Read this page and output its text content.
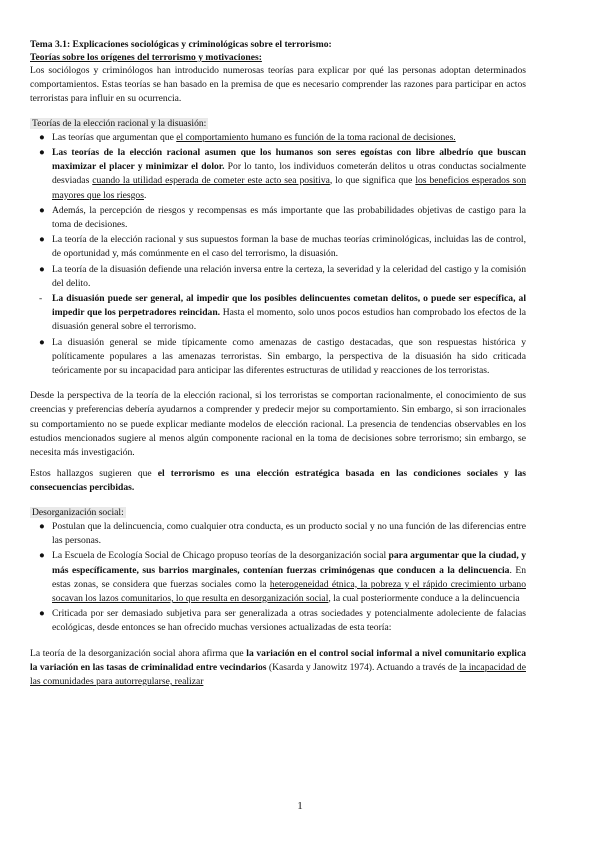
Tema 3.1: Explicaciones sociológicas y criminológicas sobre el terrorismo:

Teorías sobre los orígenes del terrorismo y motivaciones:

Los sociólogos y criminólogos han introducido numerosas teorías para explicar por qué las personas adoptan determinados comportamientos. Estas teorías se han basado en la premisa de que es necesario comprender las razones para participar en actos terroristas para influir en su ocurrencia.

Teorías de la elección racional y la disuasión:

● Las teorías que argumentan que el comportamiento humano es función de la toma racional de decisiones.
● Las teorías de la elección racional asumen que los humanos son seres egoístas con libre albedrío que buscan maximizar el placer y minimizar el dolor. Por lo tanto, los individuos cometerán delitos u otras conductas socialmente desviadas cuando la utilidad esperada de cometer este acto sea positiva, lo que significa que los beneficios esperados son mayores que los riesgos.
● Además, la percepción de riesgos y recompensas es más importante que las probabilidades objetivas de castigo para la toma de decisiones.
● La teoría de la elección racional y sus supuestos forman la base de muchas teorías criminológicas, incluidas las de control, de oportunidad y, más comúnmente en el caso del terrorismo, la disuasión.
● La teoría de la disuasión defiende una relación inversa entre la certeza, la severidad y la celeridad del castigo y la comisión del delito.
-	La disuasión puede ser general, al impedir que los posibles delincuentes cometan delitos, o puede ser específica, al impedir que los perpetradores reincidan. Hasta el momento, solo unos pocos estudios han comprobado los efectos de la disuasión general sobre el terrorismo.
● La disuasión general se mide típicamente como amenazas de castigo destacadas, que son respuestas histórica y políticamente populares a las amenazas terroristas. Sin embargo, la perspectiva de la disuasión ha sido criticada teóricamente por su incapacidad para anticipar las diferentes estructuras de utilidad y reacciones de los terroristas.

Desde la perspectiva de la teoría de la elección racional, si los terroristas se comportan racionalmente, el conocimiento de sus creencias y preferencias debería ayudarnos a comprender y predecir mejor su comportamiento. Sin embargo, si son irracionales su comportamiento no se puede explicar mediante modelos de elección racional. La presencia de tendencias observables en los estudios mencionados sugiere al menos algún componente racional en la toma de decisiones sobre terrorismo; sin embargo, se necesita más investigación.

Estos hallazgos sugieren que el terrorismo es una elección estratégica basada en las condiciones sociales y las consecuencias percibidas.

Desorganización social:

● Postulan que la delincuencia, como cualquier otra conducta, es un producto social y no una función de las diferencias entre las personas.
● La Escuela de Ecología Social de Chicago propuso teorías de la desorganización social para argumentar que la ciudad, y más específicamente, sus barrios marginales, contenían fuerzas criminógenas que conducen a la delincuencia. En estas zonas, se considera que fuerzas sociales como la heterogeneidad étnica, la pobreza y el rápido crecimiento urbano socavan los lazos comunitarios, lo que resulta en desorganización social, la cual posteriormente conduce a la delincuencia
● Criticada por ser demasiado subjetiva para ser generalizada a otras sociedades y potencialmente adoleciente de falacias ecológicas, desde entonces se han ofrecido muchas versiones actualizadas de esta teoría:

La teoría de la desorganización social ahora afirma que la variación en el control social informal a nivel comunitario explica la variación en las tasas de criminalidad entre vecindarios (Kasarda y Janowitz 1974). Actuando a través de la incapacidad de las comunidades para autorregularse, realizar

1
